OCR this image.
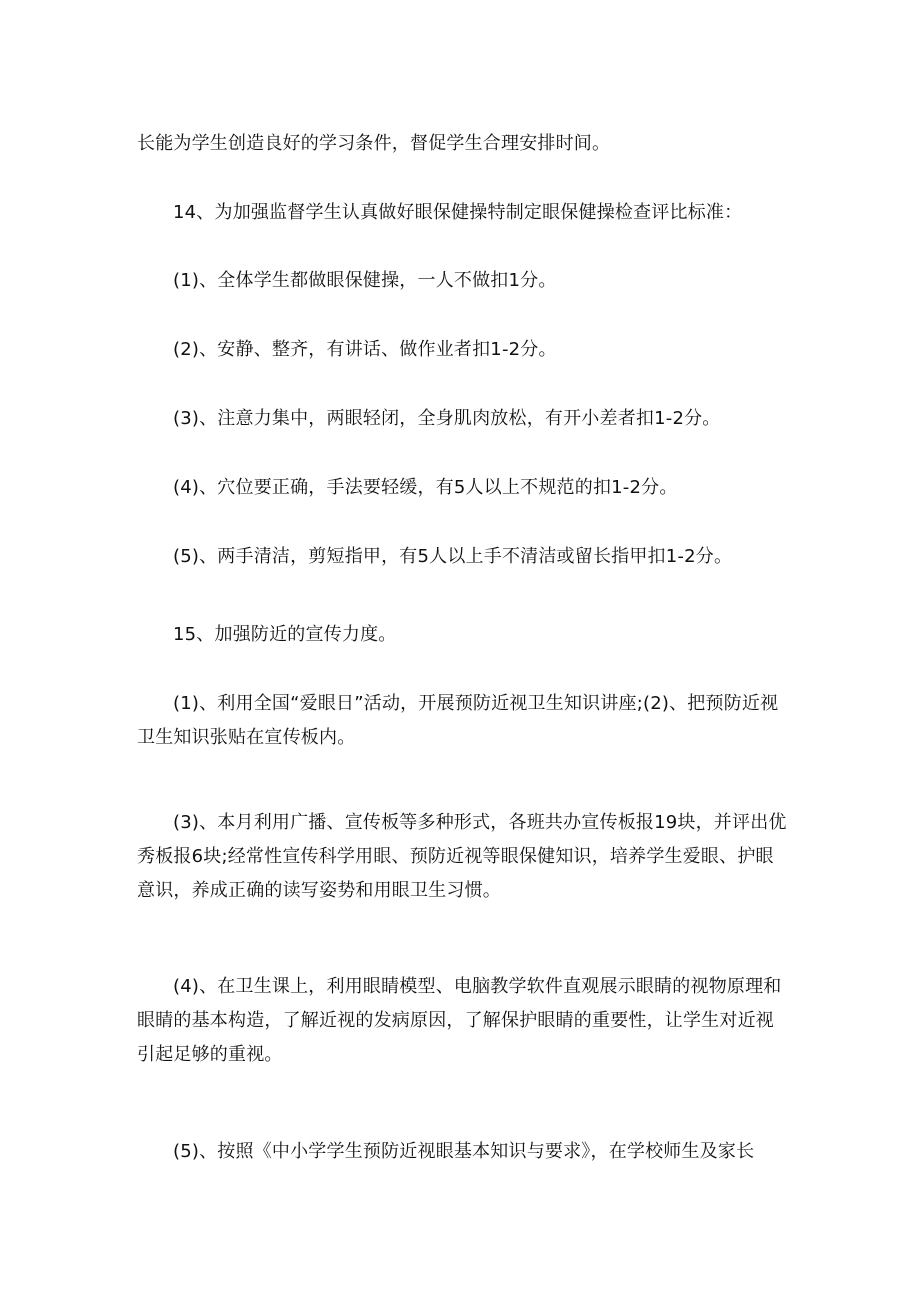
长能为学生创造良好的学习条件，督促学生合理安排时间。

14、为加强监督学生认真做好眼保健操特制定眼保健操检查评比标准：

(1)、全体学生都做眼保健操，一人不做扣1分。

(2)、安静、整齐，有讲话、做作业者扣1-2分。

(3)、注意力集中，两眼轻闭，全身肌肉放松，有开小差者扣1-2分。

(4)、穴位要正确，手法要轻缓，有5人以上不规范的扣1-2分。

(5)、两手清洁，剪短指甲，有5人以上手不清洁或留长指甲扣1-2分。

15、加强防近的宣传力度。

(1)、利用全国“爱眼日”活动，开展预防近视卫生知识讲座;(2)、把预防近视卫生知识张贴在宣传板内。

(3)、本月利用广播、宣传板等多种形式，各班共办宣传板报19块，并评出优秀板报6块;经常性宣传科学用眼、预防近视等眼保健知识，培养学生爱眼、护眼意识，养成正确的读写姿势和用眼卫生习惯。

(4)、在卫生课上，利用眼睛模型、电脑教学软件直观展示眼睛的视物原理和眼睛的基本构造，了解近视的发病原因，了解保护眼睛的重要性，让学生对近视引起足够的重视。

(5)、按照《中小学学生预防近视眼基本知识与要求》，在学校师生及家长
